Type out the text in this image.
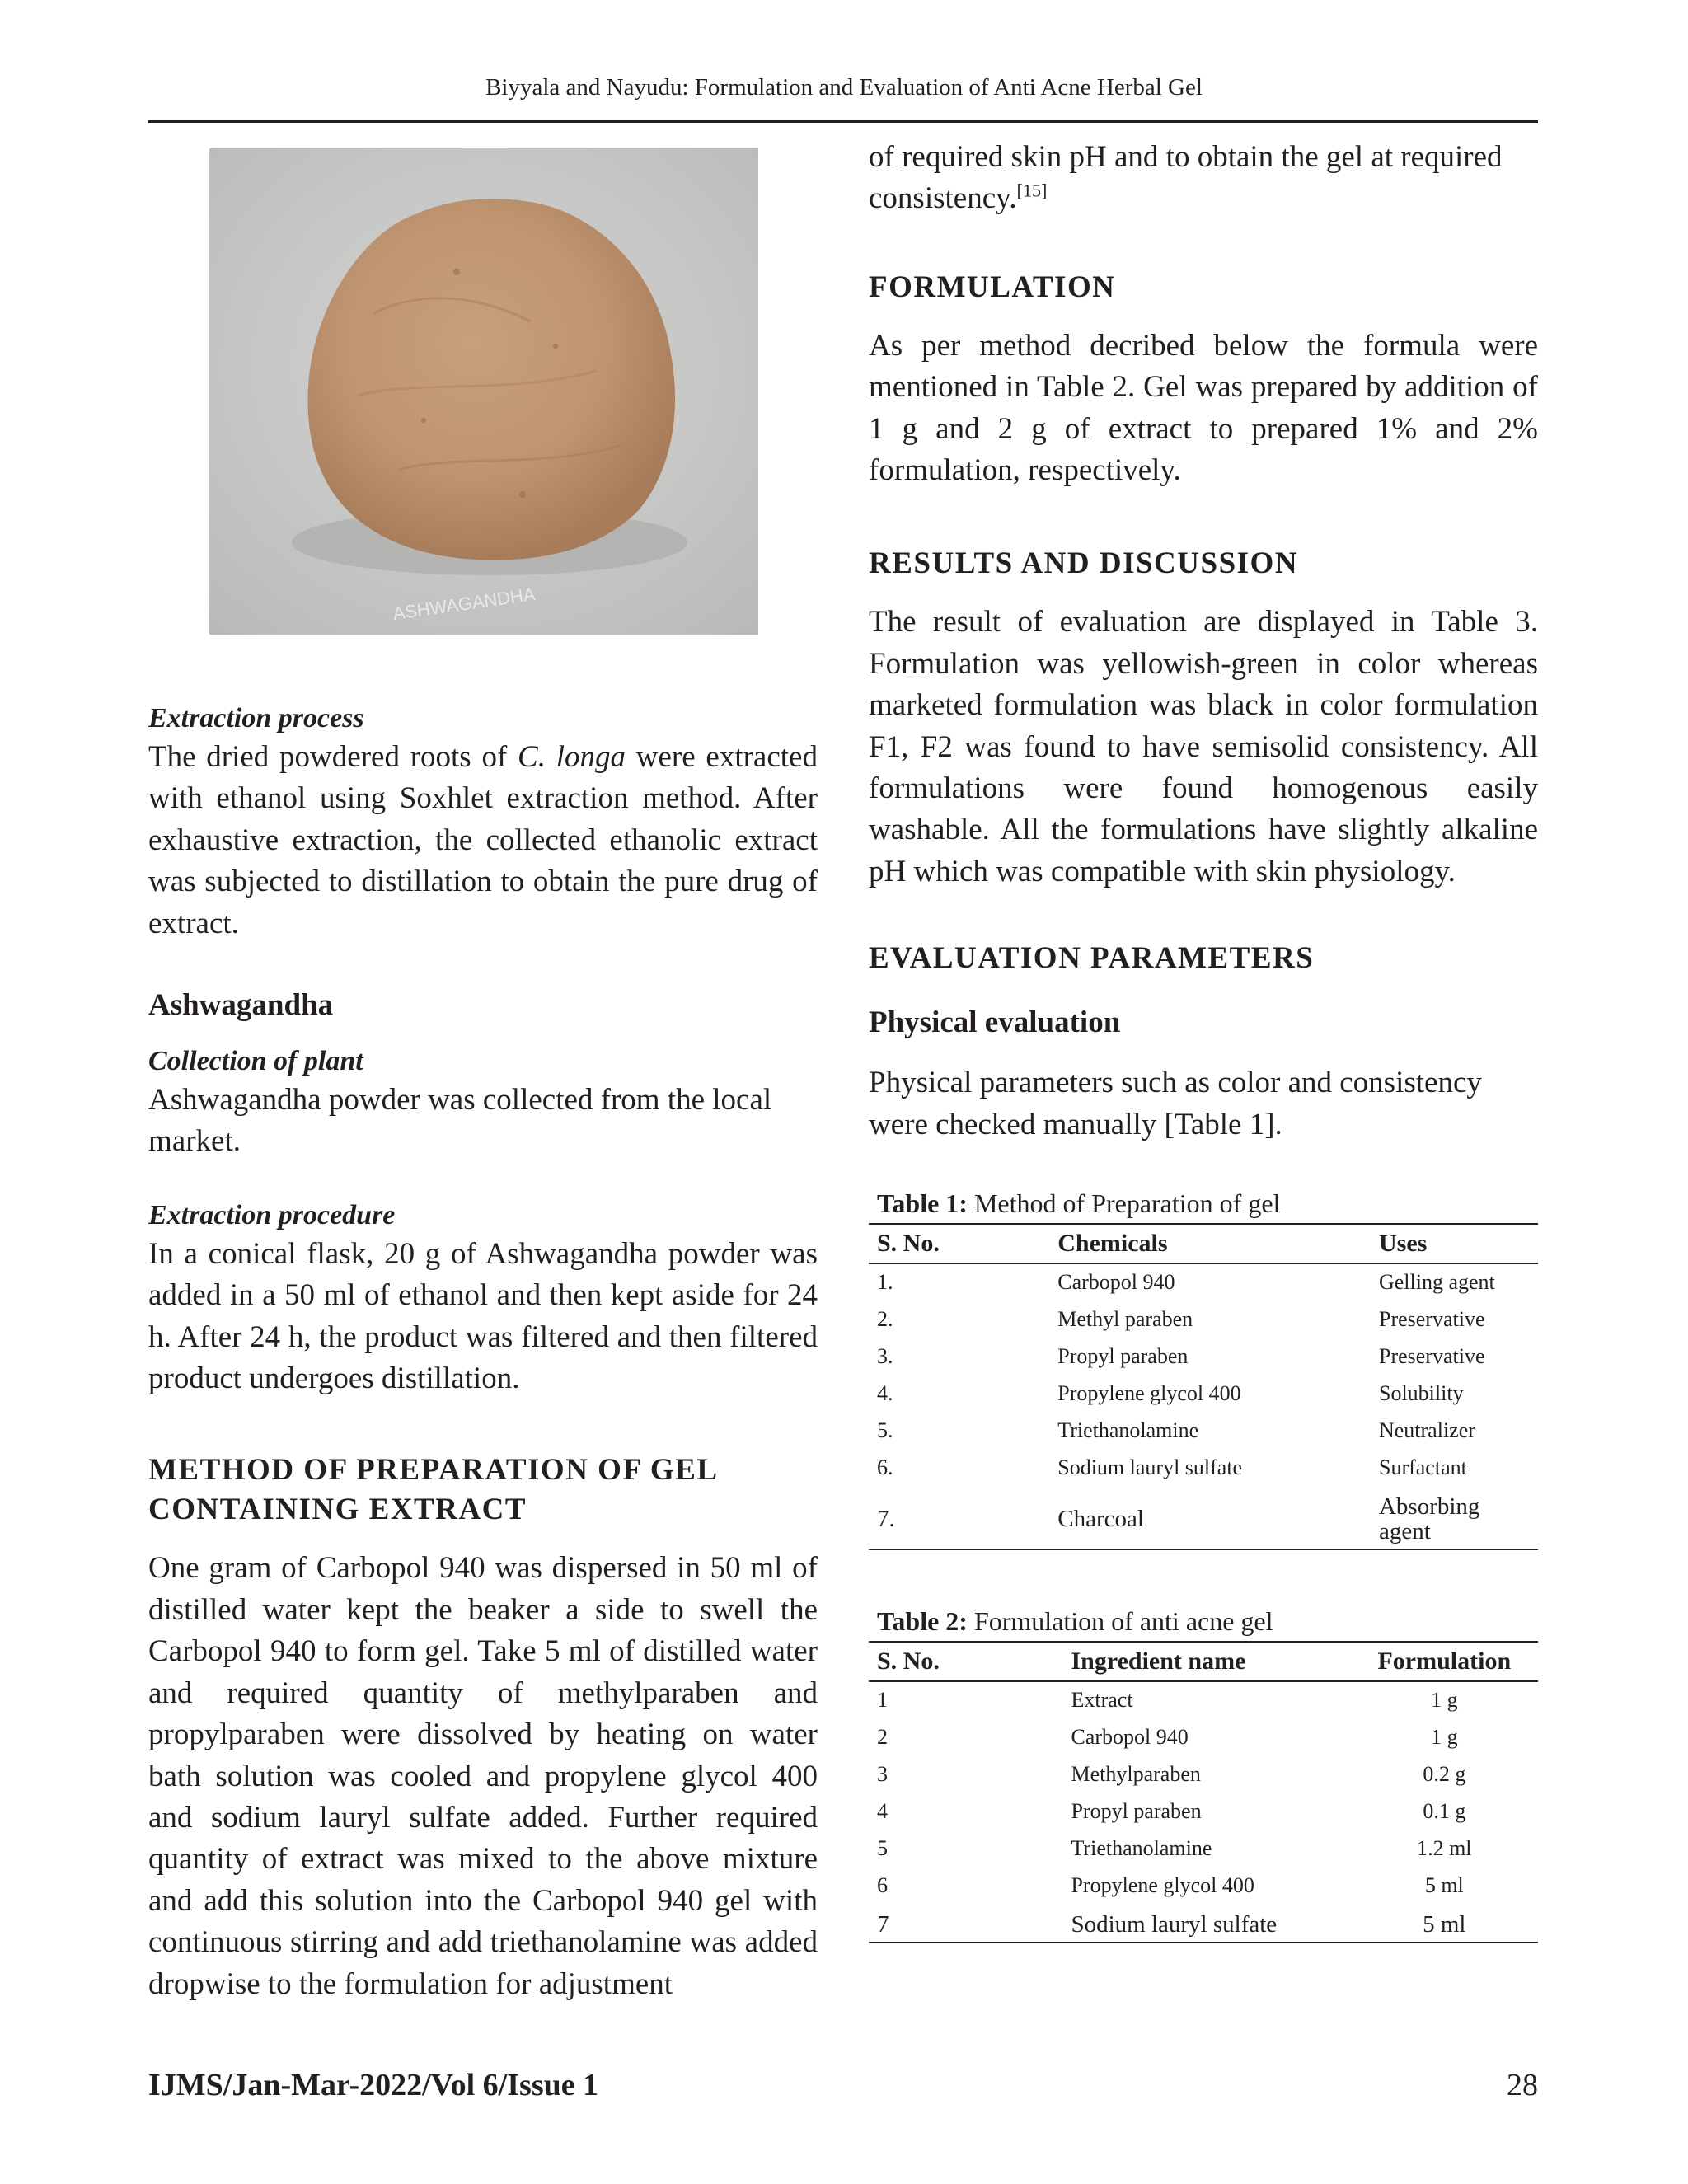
Biyyala and Nayudu: Formulation and Evaluation of Anti Acne Herbal Gel
ASHWAGANDHA
Extraction process

The dried powdered roots of C. longa were extracted with ethanol using Soxhlet extraction method. After exhaustive extraction, the collected ethanolic extract was subjected to distillation to obtain the pure drug of extract.

Ashwagandha
Collection of plant

Ashwagandha powder was collected from the local market.

Extraction procedure

In a conical flask, 20 g of Ashwagandha powder was added in a 50 ml of ethanol and then kept aside for 24 h. After 24 h, the product was filtered and then filtered product undergoes distillation.

METHOD OF PREPARATION OF GEL
CONTAINING EXTRACT

One gram of Carbopol 940 was dispersed in 50 ml of distilled water kept the beaker a side to swell the Carbopol 940 to form gel. Take 5 ml of distilled water and required quantity of methylparaben and propylparaben were dissolved by heating on water bath solution was cooled and propylene glycol 400 and sodium lauryl sulfate added. Further required quantity of extract was mixed to the above mixture and add this solution into the Carbopol 940 gel with continuous stirring and add triethanolamine was added dropwise to the formulation for adjustment

of required skin pH and to obtain the gel at required consistency.[15]

FORMULATION

As per method decribed below the formula were mentioned in Table 2. Gel was prepared by addition of 1 g and 2 g of extract to prepared 1% and 2% formulation, respectively.

RESULTS AND DISCUSSION

The result of evaluation are displayed in Table 3. Formulation was yellowish-green in color whereas marketed formulation was black in color formulation F1, F2 was found to have semisolid consistency. All formulations were found homogenous easily washable. All the formulations have slightly alkaline pH which was compatible with skin physiology.

EVALUATION PARAMETERS
Physical evaluation

Physical parameters such as color and consistency were checked manually [Table 1].

Table 1: Method of Preparation of gel
S. No.	Chemicals	Uses
1.	Carbopol 940	Gelling agent
2.	Methyl paraben	Preservative
3.	Propyl paraben	Preservative
4.	Propylene glycol 400	Solubility
5.	Triethanolamine	Neutralizer
6.	Sodium lauryl sulfate	Surfactant
7.	Charcoal	Absorbing agent
Table 2: Formulation of anti acne gel
S. No.	Ingredient name	Formulation
1	Extract	1 g
2	Carbopol 940	1 g
3	Methylparaben	0.2 g
4	Propyl paraben	0.1 g
5	Triethanolamine	1.2 ml
6	Propylene glycol 400	5 ml
7	Sodium lauryl sulfate	5 ml
IJMS/Jan-Mar-2022/Vol 6/Issue 1	28
